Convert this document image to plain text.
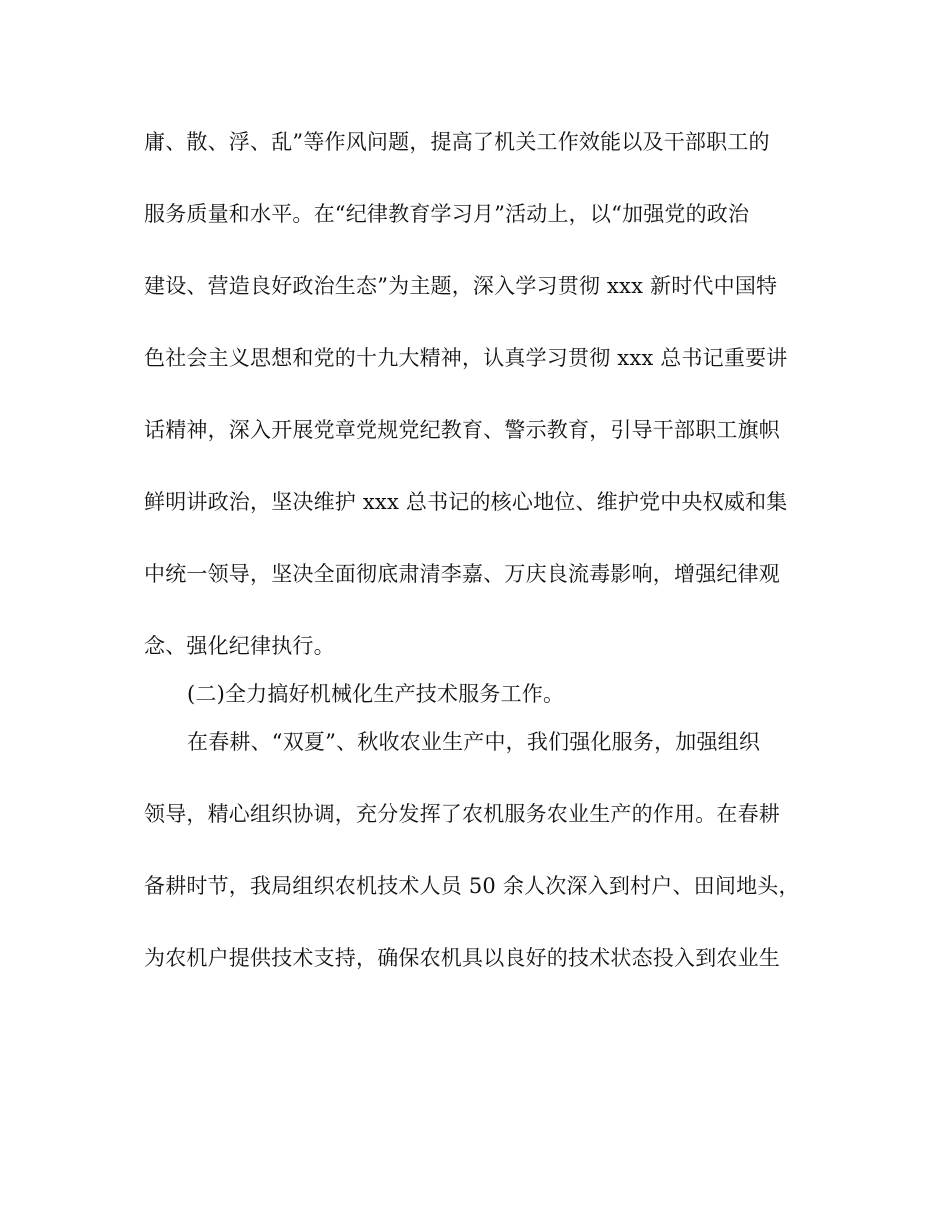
庸、散、浮、乱”等作风问题，提高了机关工作效能以及干部职工的
服务质量和水平。在“纪律教育学习月”活动上，以“加强党的政治
建设、营造良好政治生态”为主题，深入学习贯彻 xxx 新时代中国特
色社会主义思想和党的十九大精神，认真学习贯彻 xxx 总书记重要讲
话精神，深入开展党章党规党纪教育、警示教育，引导干部职工旗帜
鲜明讲政治，坚决维护 xxx 总书记的核心地位、维护党中央权威和集
中统一领导，坚决全面彻底肃清李嘉、万庆良流毒影响，增强纪律观
念、强化纪律执行。
(二)全力搞好机械化生产技术服务工作。
在春耕、“双夏”、秋收农业生产中，我们强化服务，加强组织
领导，精心组织协调，充分发挥了农机服务农业生产的作用。在春耕
备耕时节，我局组织农机技术人员 50 余人次深入到村户、田间地头，
为农机户提供技术支持，确保农机具以良好的技术状态投入到农业生
